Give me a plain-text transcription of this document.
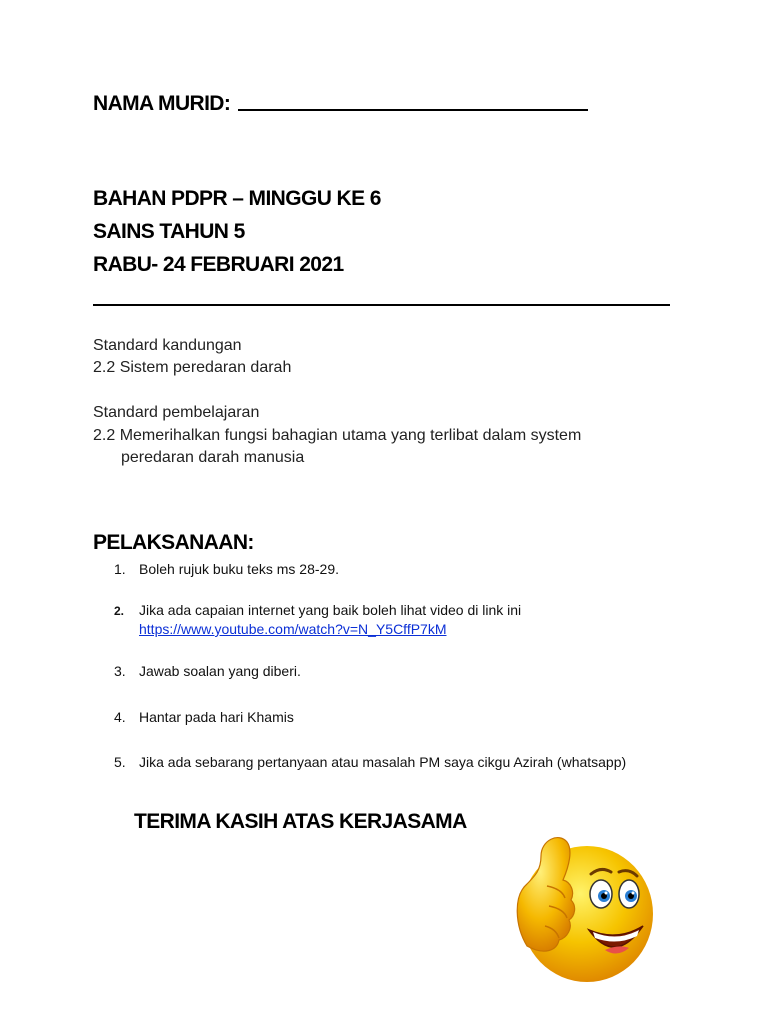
NAMA MURID:
BAHAN PDPR – MINGGU KE 6
SAINS TAHUN 5
RABU- 24 FEBRUARI 2021
Standard kandungan
2.2 Sistem peredaran darah
Standard pembelajaran
2.2 Memerihalkan fungsi bahagian utama yang terlibat dalam system
peredaran darah manusia
PELAKSANAAN:
1. Boleh rujuk buku teks ms 28-29.
2. Jika ada capaian internet yang baik boleh lihat video di link ini
https://www.youtube.com/watch?v=N_Y5CffP7kM
3. Jawab soalan yang diberi.
4. Hantar pada hari Khamis
5. Jika ada sebarang pertanyaan atau masalah PM saya cikgu Azirah (whatsapp)
TERIMA KASIH ATAS KERJASAMA
